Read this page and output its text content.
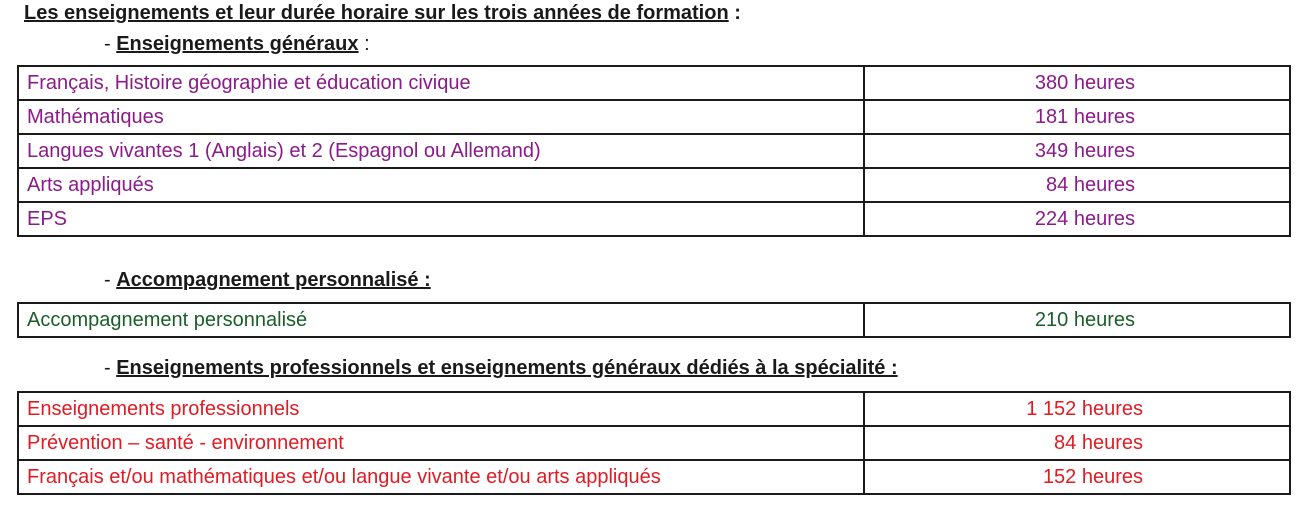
Les enseignements et leur durée horaire sur les trois années de formation :
- Enseignements généraux :
Français, Histoire géographie et éducation civique	380 heures
Mathématiques	181 heures
Langues vivantes 1 (Anglais) et 2 (Espagnol ou Allemand)	349 heures
Arts appliqués	84 heures
EPS	224 heures
- Accompagnement personnalisé :
Accompagnement personnalisé	210 heures
- Enseignements professionnels et enseignements généraux dédiés à la spécialité :
Enseignements professionnels	1 152 heures
Prévention – santé - environnement	84 heures
Français et/ou mathématiques et/ou langue vivante et/ou arts appliqués	152 heures
